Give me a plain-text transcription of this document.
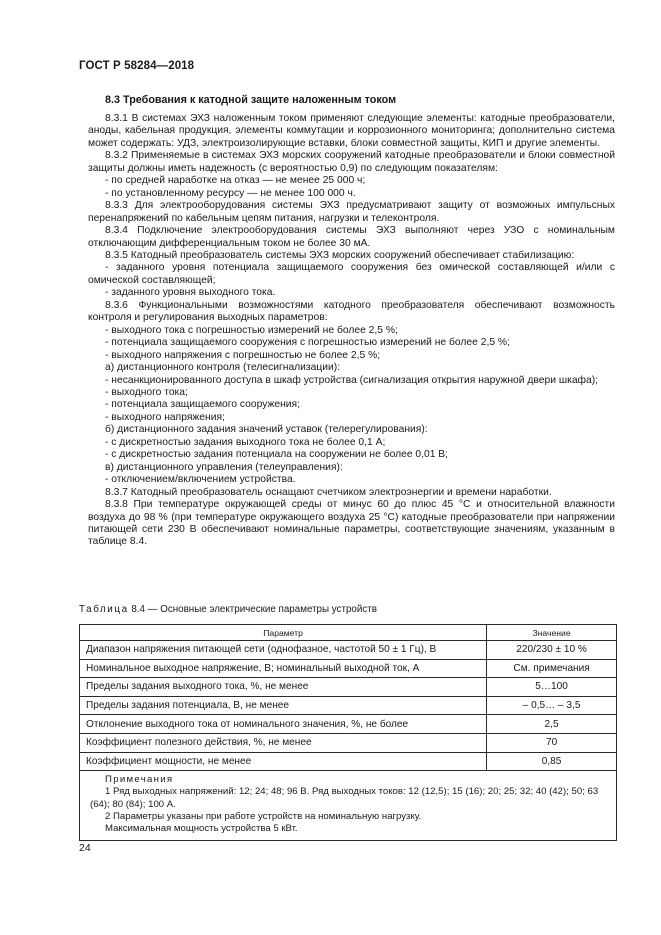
ГОСТ Р 58284—2018
8.3 Требования к катодной защите наложенным током

8.3.1 В системах ЭХЗ наложенным током применяют следующие элементы: катодные преобразователи, аноды, кабельная продукция, элементы коммутации и коррозионного мониторинга; дополнительно система может содержать: УДЗ, электроизолирующие вставки, блоки совместной защиты, КИП и другие элементы.

8.3.2 Применяемые в системах ЭХЗ морских сооружений катодные преобразователи и блоки совместной защиты должны иметь надежность (с вероятностью 0,9) по следующим показателям:

- по средней наработке на отказ — не менее 25 000 ч;

- по установленному ресурсу — не менее 100 000 ч.

8.3.3 Для электрооборудования системы ЭХЗ предусматривают защиту от возможных импульсных перенапряжений по кабельным цепям питания, нагрузки и телеконтроля.

8.3.4 Подключение электрооборудования системы ЭХЗ выполняют через УЗО с номинальным отключающим дифференциальным током не более 30 мА.

8.3.5 Катодный преобразователь системы ЭХЗ морских сооружений обеспечивает стабилизацию:

- заданного уровня потенциала защищаемого сооружения без омической составляющей и/или с омической составляющей;

- заданного уровня выходного тока.

8.3.6 Функциональными возможностями катодного преобразователя обеспечивают возможность контроля и регулирования выходных параметров:

- выходного тока с погрешностью измерений не более 2,5 %;

- потенциала защищаемого сооружения с погрешностью измерений не более 2,5 %;

- выходного напряжения с погрешностью не более 2,5 %;

а) дистанционного контроля (телесигнализации):

- несанкционированного доступа в шкаф устройства (сигнализация открытия наружной двери шкафа);

- выходного тока;

- потенциала защищаемого сооружения;

- выходного напряжения;

б) дистанционного задания значений уставок (телерегулирования):

- с дискретностью задания выходного тока не более 0,1 А;

- с дискретностью задания потенциала на сооружении не более 0,01 В;

в) дистанционного управления (телеуправления):

- отключением/включением устройства.

8.3.7 Катодный преобразователь оснащают счетчиком электроэнергии и времени наработки.

8.3.8 При температуре окружающей среды от минус 60 до плюс 45 °С и относительной влажности воздуха до 98 % (при температуре окружающего воздуха 25 °С) катодные преобразователи при напряжении питающей сети 230 В обеспечивают номинальные параметры, соответствующие значениям, указанным в таблице 8.4.

Таблица 8.4 — Основные электрические параметры устройств
Параметр	Значение
Диапазон напряжения питающей сети (однофазное, частотой 50 ± 1 Гц), В	220/230 ± 10 %
Номинальное выходное напряжение, В; номинальный выходной ток, А	См. примечания
Пределы задания выходного тока, %, не менее	5…100
Пределы задания потенциала, В, не менее	– 0,5… – 3,5
Отклонение выходного тока от номинального значения, %, не более	2,5
Коэффициент полезного действия, %, не менее	70
Коэффициент мощности, не менее	0,85

Примечания

1 Ряд выходных напряжений: 12; 24; 48; 96 В. Ряд выходных токов: 12 (12,5); 15 (16); 20; 25; 32; 40 (42); 50; 63 (64); 80 (84); 100 А.

2 Параметры указаны при работе устройств на номинальную нагрузку.

Максимальная мощность устройства 5 кВт.	

24
